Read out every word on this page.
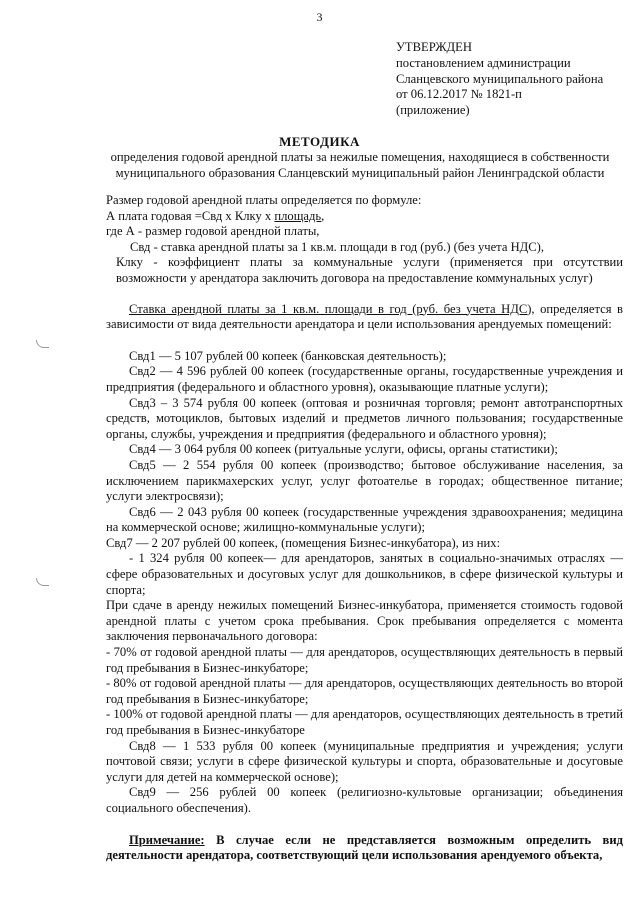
3
УТВЕРЖДЕН
постановлением администрации
Сланцевского муниципального района
от 06.12.2017 № 1821-п
(приложение)
МЕТОДИКА
определения годовой арендной платы за нежилые помещения, находящиеся в собственности муниципального образования Сланцевский муниципальный район Ленинградской области

Размер годовой арендной платы определяется по формуле:

А плата годовая =Свд х Клку х площадь,

где А - размер годовой арендной платы,

Свд - ставка арендной платы за 1 кв.м. площади в год (руб.) (без учета НДС),

Клку - коэффициент платы за коммунальные услуги (применяется при отсутствии возможности у арендатора заключить договора на предоставление коммунальных услуг)

Ставка арендной платы за 1 кв.м. площади в год (руб. без учета НДС), определяется в зависимости от вида деятельности арендатора и цели использования арендуемых помещений:

Свд1 — 5 107 рублей 00 копеек (банковская деятельность);

Свд2 — 4 596 рублей 00 копеек (государственные органы, государственные учреждения и предприятия (федерального и областного уровня), оказывающие платные услуги);

Свд3 – 3 574 рубля 00 копеек (оптовая и розничная торговля; ремонт автотранспортных средств, мотоциклов, бытовых изделий и предметов личного пользования; государственные органы, службы, учреждения и предприятия (федерального и областного уровня);

Свд4 — 3 064 рубля 00 копеек (ритуальные услуги, офисы, органы статистики);

Свд5 — 2 554 рубля 00 копеек (производство; бытовое обслуживание населения, за исключением парикмахерских услуг, услуг фотоателье в городах; общественное питание; услуги электросвязи);

Свд6 — 2 043 рубля 00 копеек (государственные учреждения здравоохранения; медицина на коммерческой основе; жилищно-коммунальные услуги);

Свд7 — 2 207 рублей 00 копеек, (помещения Бизнес-инкубатора), из них:

- 1 324 рубля 00 копеек— для арендаторов, занятых в социально-значимых отраслях — сфере образовательных и досуговых услуг для дошкольников, в сфере физической культуры и спорта;

При сдаче в аренду нежилых помещений Бизнес-инкубатора, применяется стоимость годовой арендной платы с учетом срока пребывания. Срок пребывания определяется с момента заключения первоначального договора:

- 70% от годовой арендной платы — для арендаторов, осуществляющих деятельность в первый год пребывания в Бизнес-инкубаторе;

- 80% от годовой арендной платы — для арендаторов, осуществляющих деятельность во второй год пребывания в Бизнес-инкубаторе;

- 100% от годовой арендной платы — для арендаторов, осуществляющих деятельность в третий год пребывания в Бизнес-инкубаторе

Свд8 — 1 533 рубля 00 копеек (муниципальные предприятия и учреждения; услуги почтовой связи; услуги в сфере физической культуры и спорта, образовательные и досуговые услуги для детей на коммерческой основе);

Свд9 — 256 рублей 00 копеек (религиозно-культовые организации; объединения социального обеспечения).

Примечание: В случае если не представляется возможным определить вид деятельности арендатора, соответствующий цели использования арендуемого объекта,
